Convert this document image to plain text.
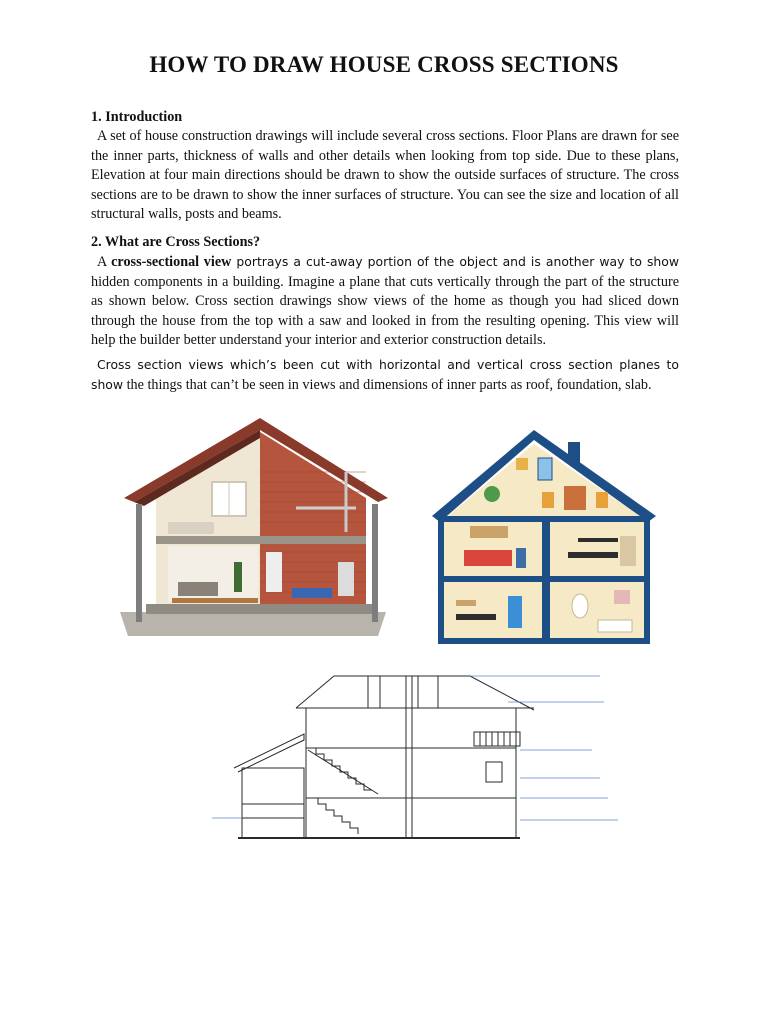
HOW TO DRAW HOUSE CROSS SECTIONS
1. Introduction

A set of house construction drawings will include several cross sections. Floor Plans are drawn for see the inner parts, thickness of walls and other details when looking from top side. Due to these plans, Elevation at four main directions should be drawn to show the outside surfaces of structure. The cross sections are to be drawn to show the inner surfaces of structure. You can see the size and location of all structural walls, posts and beams.

2. What are Cross Sections?

A cross-sectional view portrays a cut-away portion of the object and is another way to show hidden components in a building. Imagine a plane that cuts vertically through the part of the structure as shown below. Cross section drawings show views of the home as though you had sliced down through the house from the top with a saw and looked in from the resulting opening. This view will help the builder better understand your interior and exterior construction details.

Cross section views which’s been cut with horizontal and vertical cross section planes to show the things that can’t be seen in views and dimensions of inner parts as roof, foundation, slab.
